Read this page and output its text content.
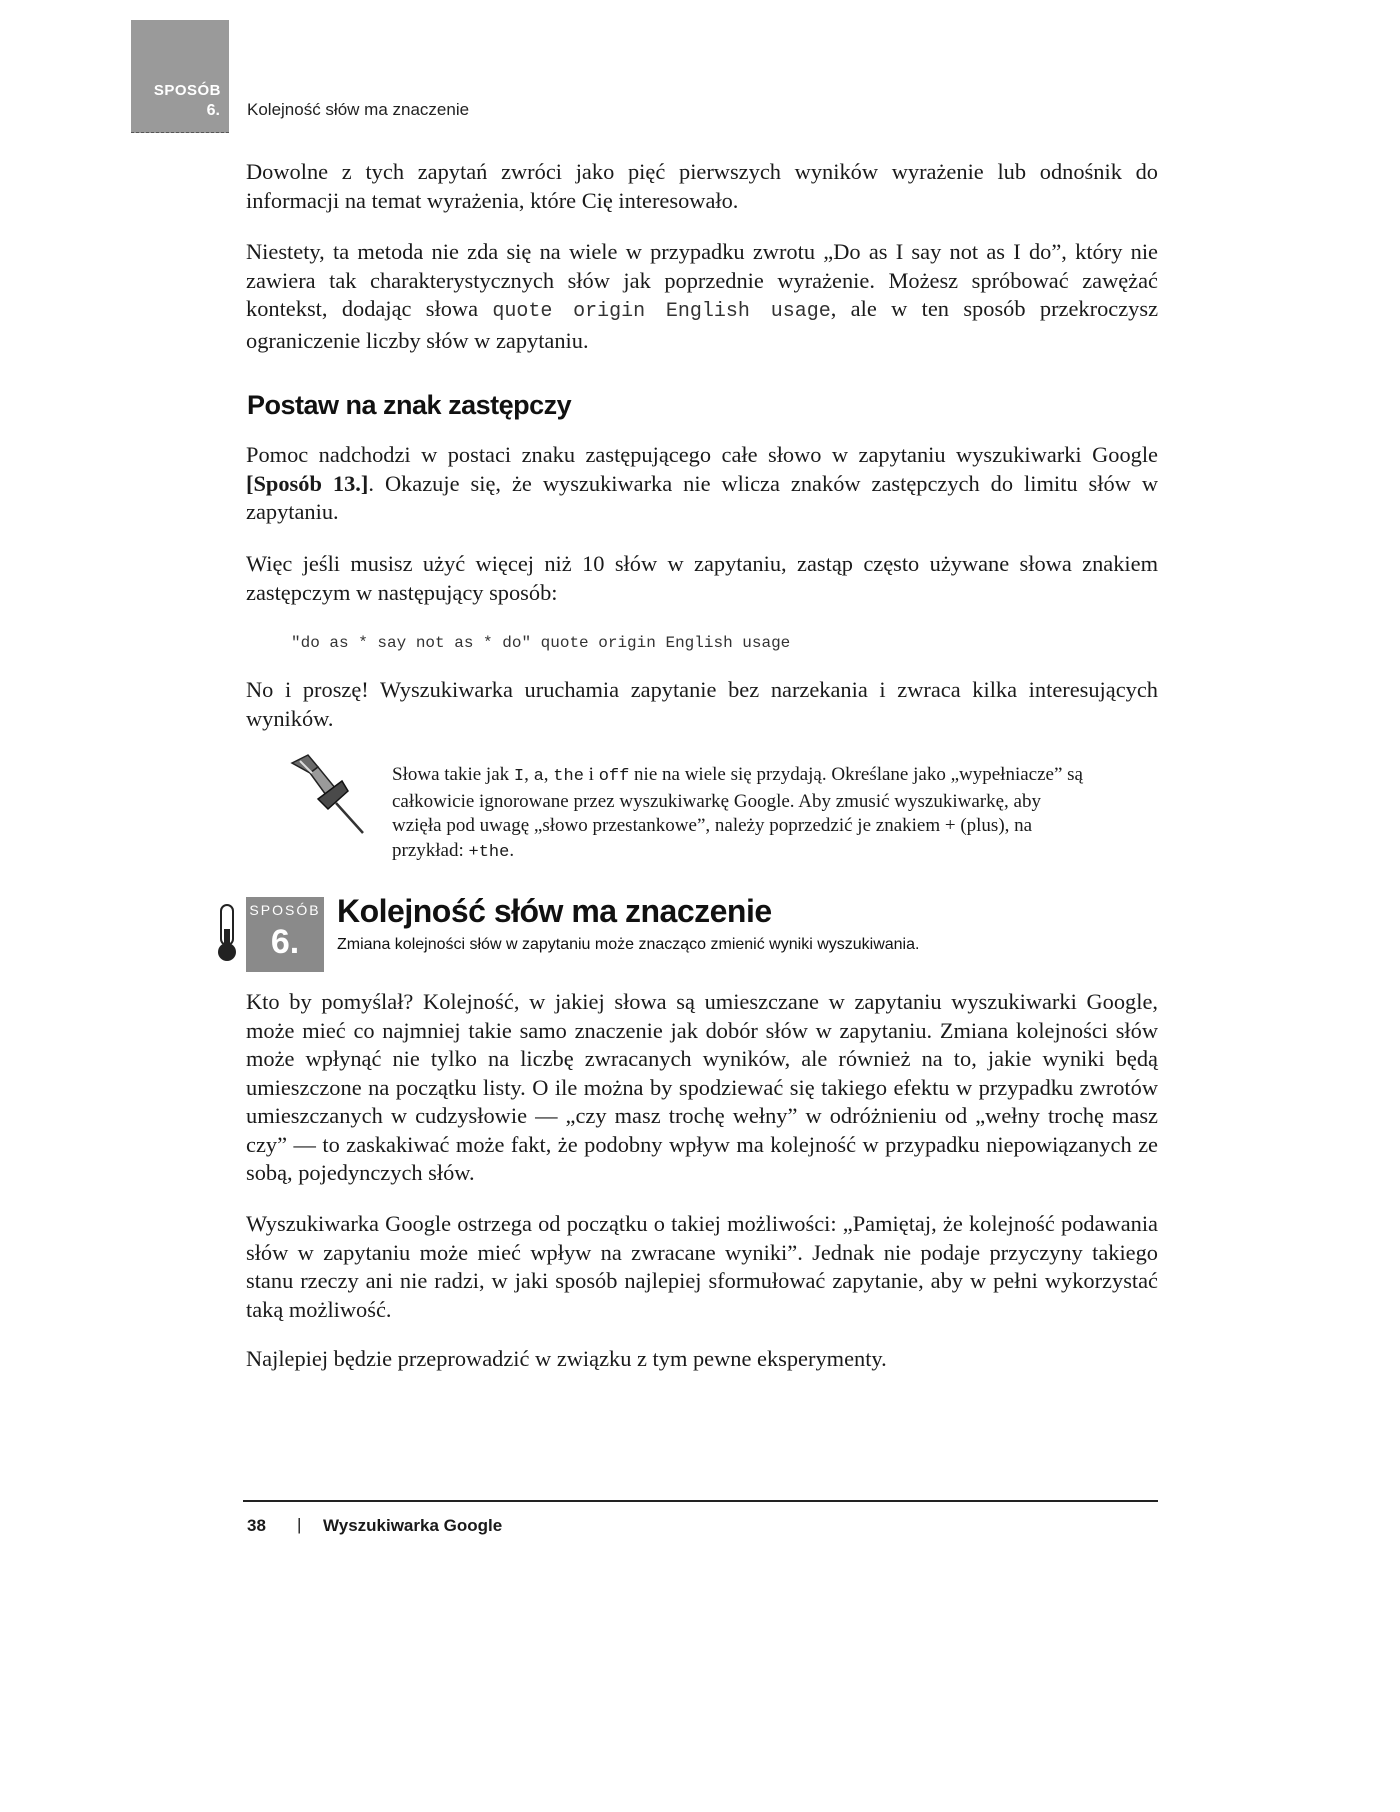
SPOSÓB
6. Kolejność słów ma znaczenie

Dowolne z tych zapytań zwróci jako pięć pierwszych wyników wyrażenie lub odnośnik do informacji na temat wyrażenia, które Cię interesowało.

Niestety, ta metoda nie zda się na wiele w przypadku zwrotu „Do as I say not as I do”, który nie zawiera tak charakterystycznych słów jak poprzednie wyrażenie. Możesz spróbować zawężać kontekst, dodając słowa quote origin English usage, ale w ten sposób przekroczysz ograniczenie liczby słów w zapytaniu.

Postaw na znak zastępczy

Pomoc nadchodzi w postaci znaku zastępującego całe słowo w zapytaniu wyszukiwarki Google [Sposób 13.]. Okazuje się, że wyszukiwarka nie wlicza znaków zastępczych do limitu słów w zapytaniu.

Więc jeśli musisz użyć więcej niż 10 słów w zapytaniu, zastąp często używane słowa znakiem zastępczym w następujący sposób:

"do as * say not as * do" quote origin English usage

No i proszę! Wyszukiwarka uruchamia zapytanie bez narzekania i zwraca kilka interesujących wyników.

Słowa takie jak I, a, the i off nie na wiele się przydają. Określane jako „wypełniacze” są całkowicie ignorowane przez wyszukiwarkę Google. Aby zmusić wyszukiwarkę, aby wzięła pod uwagę „słowo przestankowe”, należy poprzedzić je znakiem + (plus), na przykład: +the.
SPOSÓB
6.
Kolejność słów ma znaczenie
Zmiana kolejności słów w zapytaniu może znacząco zmienić wyniki wyszukiwania.

Kto by pomyślał? Kolejność, w jakiej słowa są umieszczane w zapytaniu wyszukiwarki Google, może mieć co najmniej takie samo znaczenie jak dobór słów w zapytaniu. Zmiana kolejności słów może wpłynąć nie tylko na liczbę zwracanych wyników, ale również na to, jakie wyniki będą umieszczone na początku listy. O ile można by spodziewać się takiego efektu w przypadku zwrotów umieszczanych w cudzysłowie — „czy masz trochę wełny” w odróżnieniu od „wełny trochę masz czy” — to zaskakiwać może fakt, że podobny wpływ ma kolejność w przypadku niepowiązanych ze sobą, pojedynczych słów.

Wyszukiwarka Google ostrzega od początku o takiej możliwości: „Pamiętaj, że kolejność podawania słów w zapytaniu może mieć wpływ na zwracane wyniki”. Jednak nie podaje przyczyny takiego stanu rzeczy ani nie radzi, w jaki sposób najlepiej sformułować zapytanie, aby w pełni wykorzystać taką możliwość.

Najlepiej będzie przeprowadzić w związku z tym pewne eksperymenty.

38 | Wyszukiwarka Google
